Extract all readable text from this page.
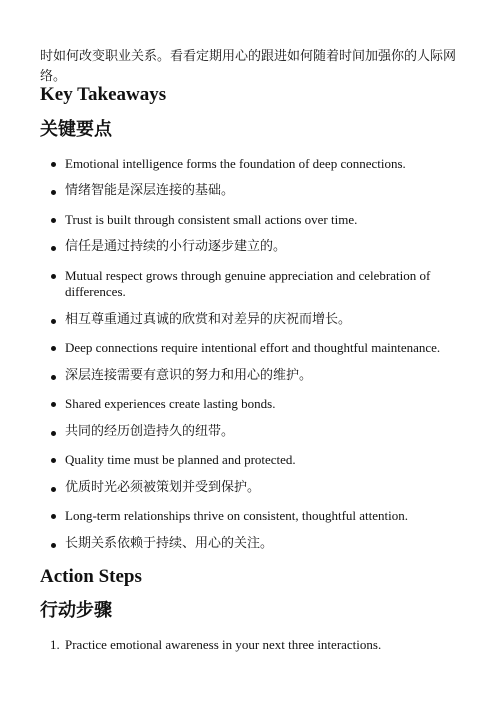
时如何改变职业关系。看看定期用心的跟进如何随着时间加强你的人际网络。

Key Takeaways
关键要点
Emotional intelligence forms the foundation of deep connections.
情绪智能是深层连接的基础。
Trust is built through consistent small actions over time.
信任是通过持续的小行动逐步建立的。
Mutual respect grows through genuine appreciation and celebration of differences.
相互尊重通过真诚的欣赏和对差异的庆祝而增长。
Deep connections require intentional effort and thoughtful maintenance.
深层连接需要有意识的努力和用心的维护。
Shared experiences create lasting bonds.
共同的经历创造持久的纽带。
Quality time must be planned and protected.
优质时光必须被策划并受到保护。
Long-term relationships thrive on consistent, thoughtful attention.
长期关系依赖于持续、用心的关注。
Action Steps
行动步骤
1. Practice emotional awareness in your next three interactions.
